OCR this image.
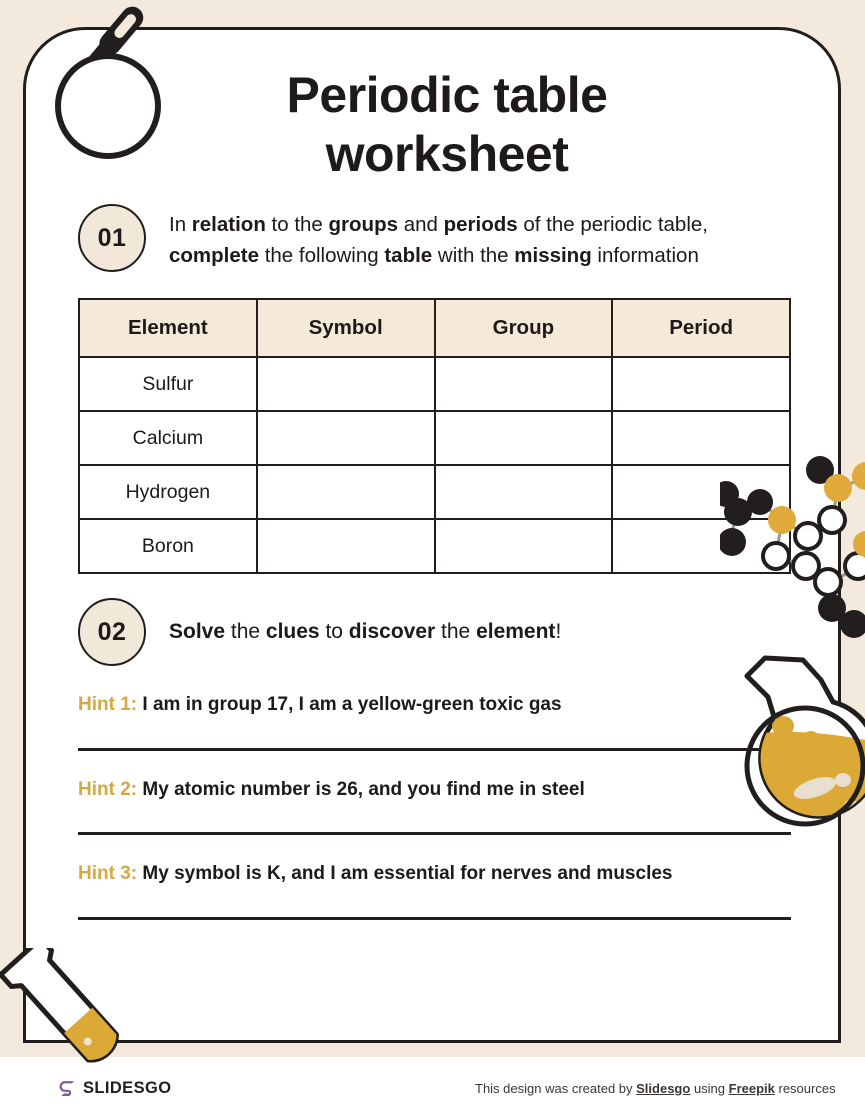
Periodic table worksheet
01	In relation to the groups and periods of the periodic table, complete the following table with the missing information
Element	Symbol	Group	Period
Sulfur			
Calcium			
Hydrogen			
Boron			
02	Solve the clues to discover the element!
Hint 1: I am in group 17, I am a yellow-green toxic gas
Hint 2: My atomic number is 26, and you find me in steel
Hint 3: My symbol is K, and I am essential for nerves and muscles
SLIDESGO	This design was created by Slidesgo using Freepik resources
